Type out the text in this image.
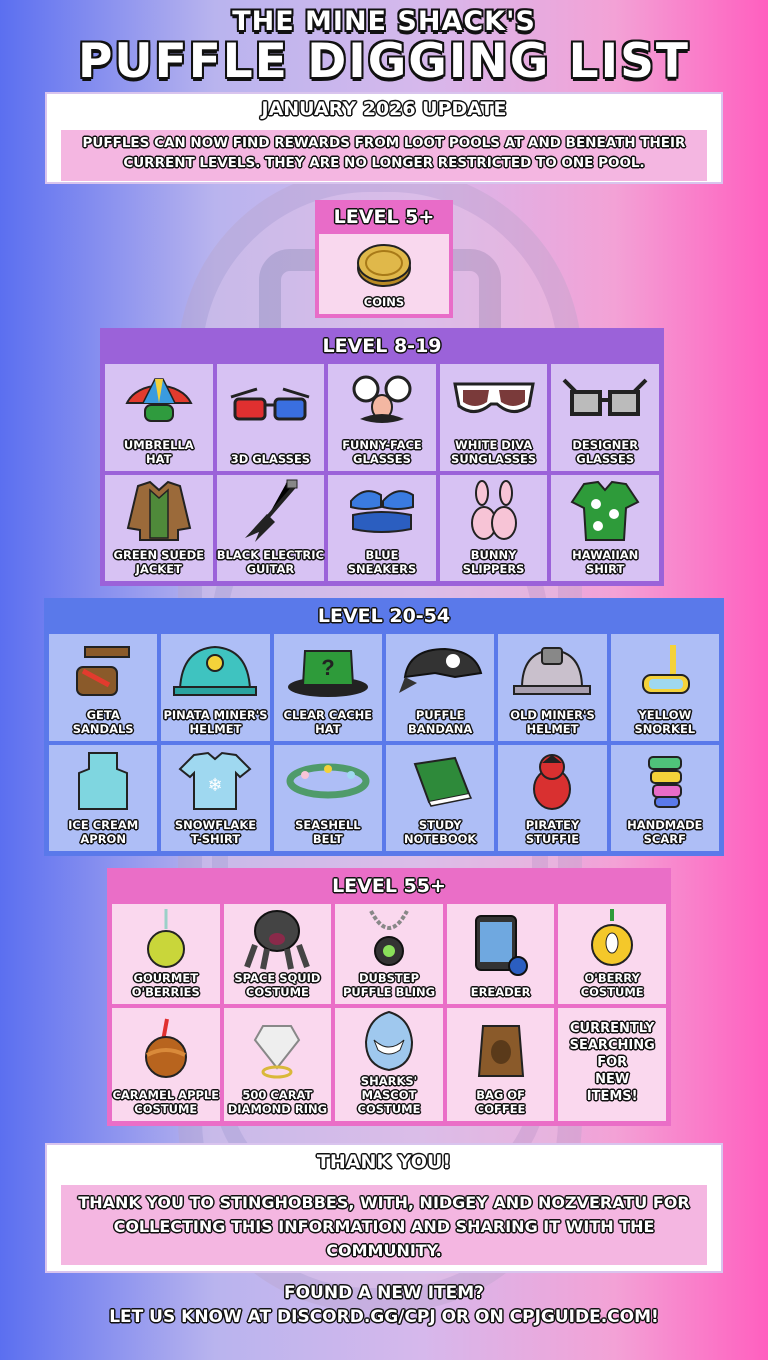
THE MINE SHACK'S
PUFFLE DIGGING LIST
JANUARY 2026 UPDATE
PUFFLES CAN NOW FIND REWARDS FROM LOOT POOLS AT AND BENEATH THEIR CURRENT LEVELS. THEY ARE NO LONGER RESTRICTED TO ONE POOL.
LEVEL 5+
COINS
LEVEL 8-19
UMBRELLA
HAT	3D GLASSES
FUNNY-FACE
GLASSES
WHITE DIVA
SUNGLASSES
DESIGNER
GLASSES
GREEN SUEDE
JACKET
BLACK ELECTRIC
GUITAR
BLUE
SNEAKERS
BUNNY
SLIPPERS
HAWAIIAN
SHIRT
LEVEL 20-54
GETA
SANDALS
PINATA MINER'S
HELMET
?
CLEAR CACHE
HAT
PUFFLE
BANDANA
OLD MINER'S
HELMET
YELLOW
SNORKEL
ICE CREAM
APRON
❄
SNOWFLAKE
T-SHIRT
SEASHELL
BELT
STUDY
NOTEBOOK
PIRATEY
STUFFIE
HANDMADE
SCARF
LEVEL 55+
GOURMET
O'BERRIES
SPACE SQUID
COSTUME
DUBSTEP
PUFFLE BLING	EREADER
O'BERRY
COSTUME
CARAMEL APPLE
COSTUME
500 CARAT
DIAMOND RING
SHARKS' MASCOT
COSTUME
BAG OF
COFFEE
CURRENTLY
SEARCHING
FOR
NEW
ITEMS!
THANK YOU!
THANK YOU TO STINGHOBBES, WITH, NIDGEY AND NOZVERATU FOR COLLECTING THIS INFORMATION AND SHARING IT WITH THE COMMUNITY.
FOUND A NEW ITEM?
LET US KNOW AT DISCORD.GG/CPJ OR ON CPJGUIDE.COM!
